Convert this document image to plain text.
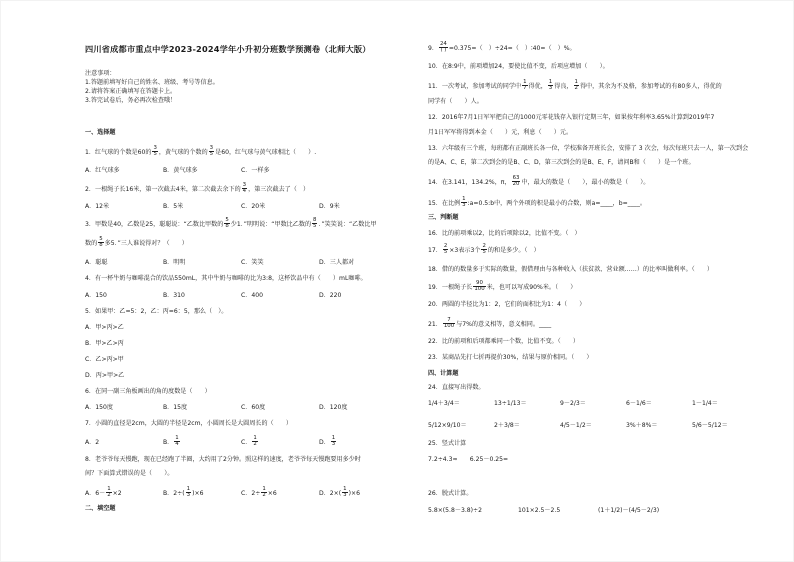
四川省成都市重点中学2023-2024学年小升初分班数学预测卷（北师大版）
注意事项：
1.答题前填写好自己的姓名、班级、考号等信息。
2.请将答案正确填写在答题卡上。
3.答完试卷后，务必再次检查哦！
一、选择题
1．红气球的个数是60的 $\frac{3}{5}$ ，黄气球的个数的 $\frac{3}{5}$ 是60，红气球与黄气球相比（　　）.
A．红气球多	B．黄气球多	C．一样多
2．一根绳子长16米，第一次截去4米，第二次截去余下的 $\frac{3}{4}$ ，第三次截去了（　）
A．12米	B．5米	C．20米	D．9米
3．甲数是40，乙数是25，聪聪说：“乙数比甲数的 $\frac{5}{8}$ 少1．”明明说：“甲数比乙数的 $\frac{8}{5}$ ．”笑笑说：“乙数比甲
数的 $\frac{5}{8}$ 多5．”三人谁说得对？（　　）
A．聪聪	B．明明	C．笑笑	D．三人都对
4．有一杯牛奶与咖啡混合的饮品550mL，其中牛奶与咖啡的比为3:8，这杯饮品中有（　　）mL咖啡。
A．150	B．310	C．400	D．220
5．如果甲：乙=5：2，乙：丙=6：5，那么（　）。
A．甲>丙>乙
B．甲>乙>丙
C．乙>丙>甲
D．丙>甲>乙
6．在同一副三角板画出的角的度数是（　　）
A．150度	B．15度	C．60度	D．120度
7．小圆的直径是2cm，大圆的半径是2cm，小圆周长是大圆周长的（　　）
A．2	B． $\frac{1}{4}$	C． $\frac{1}{2}$	D． $\frac{1}{3}$
8．老爷爷每天慢跑，现在已经跑了半圈，大约用了2分钟。照这样的速度，老爷爷每天慢跑要用多少时
间？下面算式错误的是（　　）。
A．$6- \frac{1}{2} \times 2$	B．$2\div( \frac{1}{3} )\times 6$	C．$2\div \frac{1}{2} \times 6$	D．$2\times( \frac{1}{3} )\times 6$
二、填空题
9． $\frac{24}{( )} =0.375=$（　）÷24=（　）∶40=（　）%。
10．在8:9中，前项增加24，要使比值不变，后项应增加（　　）。
11．一次考试，参加考试的同学中 $\frac{1}{7}$ 得优， $\frac{1}{3}$ 得良， $\frac{1}{2}$ 得中，其余为不及格，参加考试的有80多人，得优的
同学有（　　）人。
12．2016年7月1日军军把自己的1000元零花钱存入银行定期三年，如果按年利率3.65%计算到2019年7
月1日军军将得到本金（　　）元，利息（　　）元。
13．六年级有三个班，每班都有正副班长各一位，学校准备开班长会，安排了 3 次会，每次每班只去一人，第一次到会
的是A、C、E，第二次到会的是B、C、D，第三次到会的是B、E、F，请问B和（　　）是一个班。
14．在3.141，134.2%，π， $\frac{63}{20}$ 中，最大的数是（　　），最小的数是（　　）。
15．在比例 $\frac{1}{3}$ :a=0.5:b中，两个外项的积是最小的合数，则a=____，b=____。
三、判断题
16．比的前项乘以2，比的后项除以2，比值不变。（　）
17． $\frac{2}{5} \times 3$表示3个 $\frac{2}{5}$ 的和是多少。（　）
18．借的的数量多于实际的数量，假借理由与各种收入（扶贫款、营业额……）的比率叫做利率。（　　）
19．一根绳子长 $\frac{90}{100}$ 米，也可以写成90%米。（　　）
20．两圆的半径比为1：2，它们的面积比为1：4（　　）
21． $\frac{7}{100}$ 与7%的意义相等，意义相同。____
22．比的前项和后项都乘同一个数，比值不变。（　　）
23．某商品先打七折再提价30%，结果与原价相同。（　　）
四、计算题
24．直接写出得数。
1/4＋3/4＝	13÷1/13＝	9－2/3＝	6－1/6＝	1－1/4＝
5/12×9/10＝	2＋3/8＝	4/5－1/2＝	3%＋8%＝	5/6－5/12＝
25．竖式计算
7.2÷4.3≈　　6.25－0.25=
26．脱式计算。
5.8×(5.8－3.8)÷2	101×2.5－2.5	(1＋1/2)－(4/5－2/3)
